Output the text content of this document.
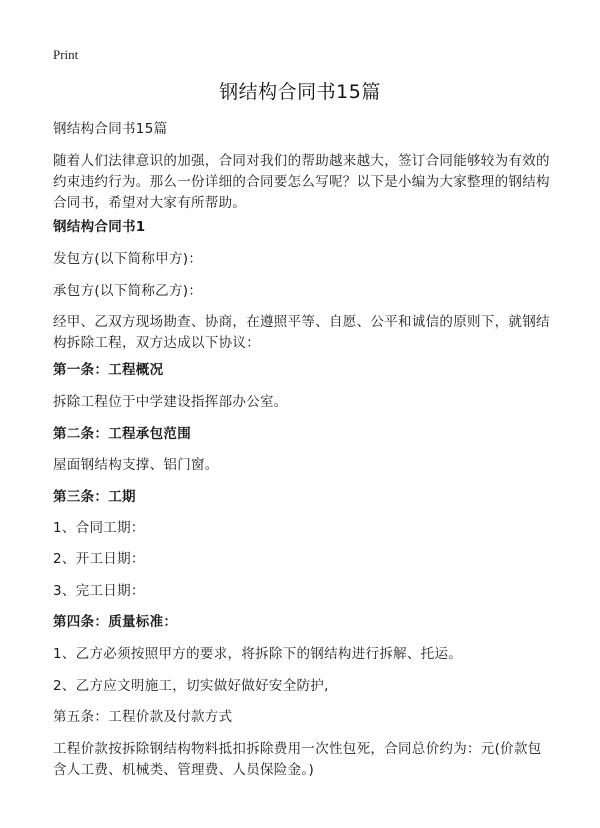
Print
钢结构合同书15篇

钢结构合同书15篇

随着人们法律意识的加强，合同对我们的帮助越来越大，签订合同能够较为有效的

约束违约行为。那么一份详细的合同要怎么写呢？以下是小编为大家整理的钢结构

合同书，希望对大家有所帮助。

钢结构合同书1

发包方(以下简称甲方)：

承包方(以下简称乙方)：

经甲、乙双方现场勘查、协商，在遵照平等、自愿、公平和诚信的原则下，就钢结

构拆除工程，双方达成以下协议：

第一条：工程概况

拆除工程位于中学建设指挥部办公室。

第二条：工程承包范围

屋面钢结构支撑、铝门窗。

第三条：工期

1、合同工期：

2、开工日期：

3、完工日期：

第四条：质量标准：

1、乙方必须按照甲方的要求，将拆除下的钢结构进行拆解、托运。

2、乙方应文明施工，切实做好做好安全防护,

第五条：工程价款及付款方式

工程价款按拆除钢结构物料抵扣拆除费用一次性包死，合同总价约为：元(价款包

含人工费、机械类、管理费、人员保险金。)
